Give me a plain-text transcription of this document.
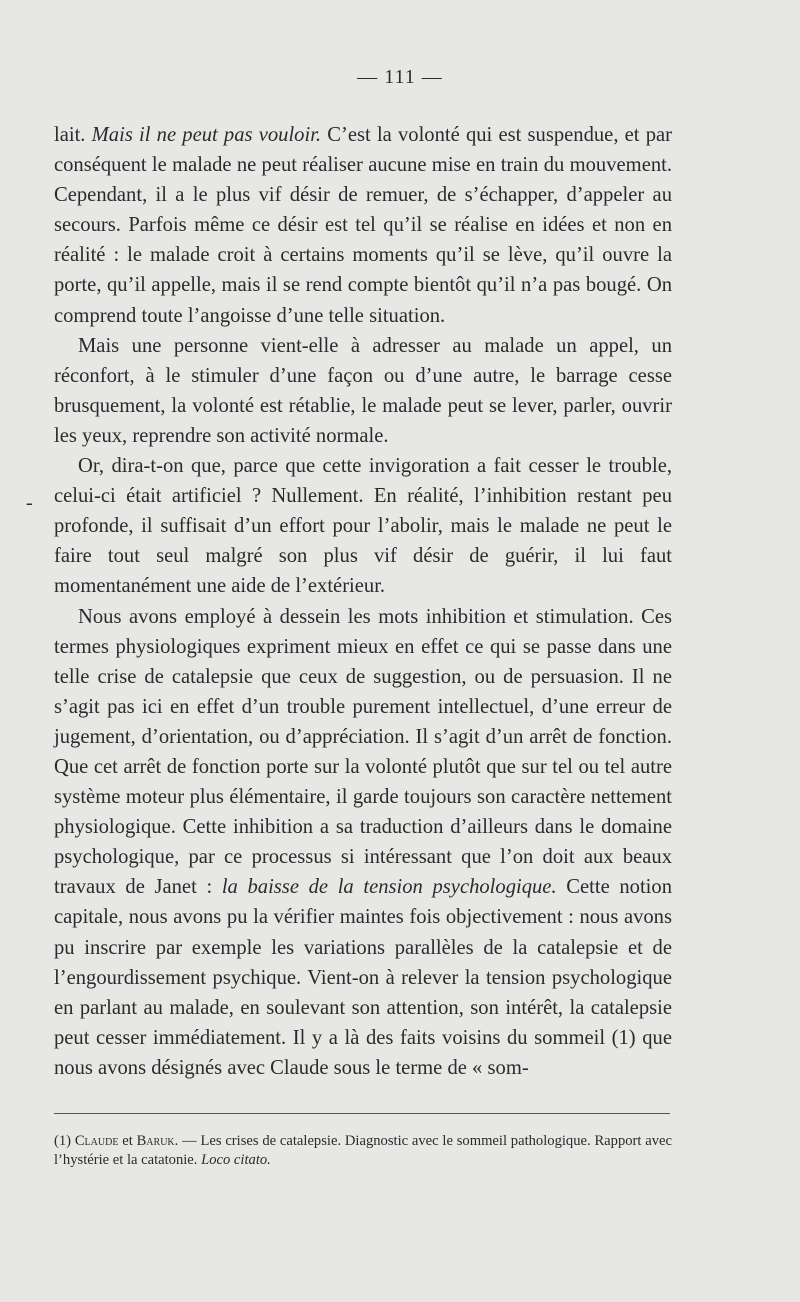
— 111 —
-

lait. Mais il ne peut pas vouloir. C’est la volonté qui est suspendue, et par conséquent le malade ne peut réaliser aucune mise en train du mouvement. Cependant, il a le plus vif désir de remuer, de s’échapper, d’appeler au secours. Parfois même ce désir est tel qu’il se réalise en idées et non en réalité : le malade croit à certains moments qu’il se lève, qu’il ouvre la porte, qu’il appelle, mais il se rend compte bientôt qu’il n’a pas bougé. On comprend toute l’angoisse d’une telle situation.

Mais une personne vient-elle à adresser au malade un appel, un réconfort, à le stimuler d’une façon ou d’une autre, le barrage cesse brusquement, la volonté est rétablie, le malade peut se lever, parler, ouvrir les yeux, reprendre son activité normale.

Or, dira-t-on que, parce que cette invigoration a fait cesser le trouble, celui-ci était artificiel ? Nullement. En réalité, l’inhibition restant peu profonde, il suffisait d’un effort pour l’abolir, mais le malade ne peut le faire tout seul malgré son plus vif désir de guérir, il lui faut momentanément une aide de l’extérieur.

Nous avons employé à dessein les mots inhibition et stimulation. Ces termes physiologiques expriment mieux en effet ce qui se passe dans une telle crise de catalepsie que ceux de suggestion, ou de persuasion. Il ne s’agit pas ici en effet d’un trouble purement intellectuel, d’une erreur de jugement, d’orientation, ou d’appréciation. Il s’agit d’un arrêt de fonction. Que cet arrêt de fonction porte sur la volonté plutôt que sur tel ou tel autre système moteur plus élémentaire, il garde toujours son caractère nettement physiologique. Cette inhibition a sa traduction d’ailleurs dans le domaine psychologique, par ce processus si intéressant que l’on doit aux beaux travaux de Janet : la baisse de la tension psychologique. Cette notion capitale, nous avons pu la vérifier maintes fois objectivement : nous avons pu inscrire par exemple les variations parallèles de la catalepsie et de l’engourdissement psychique. Vient-on à relever la tension psychologique en parlant au malade, en soulevant son attention, son intérêt, la catalepsie peut cesser immédiatement. Il y a là des faits voisins du sommeil (1) que nous avons désignés avec Claude sous le terme de « som-

(1) Claude et Baruk. — Les crises de catalepsie. Diagnostic avec le sommeil pathologique. Rapport avec l’hystérie et la catatonie. Loco citato.
